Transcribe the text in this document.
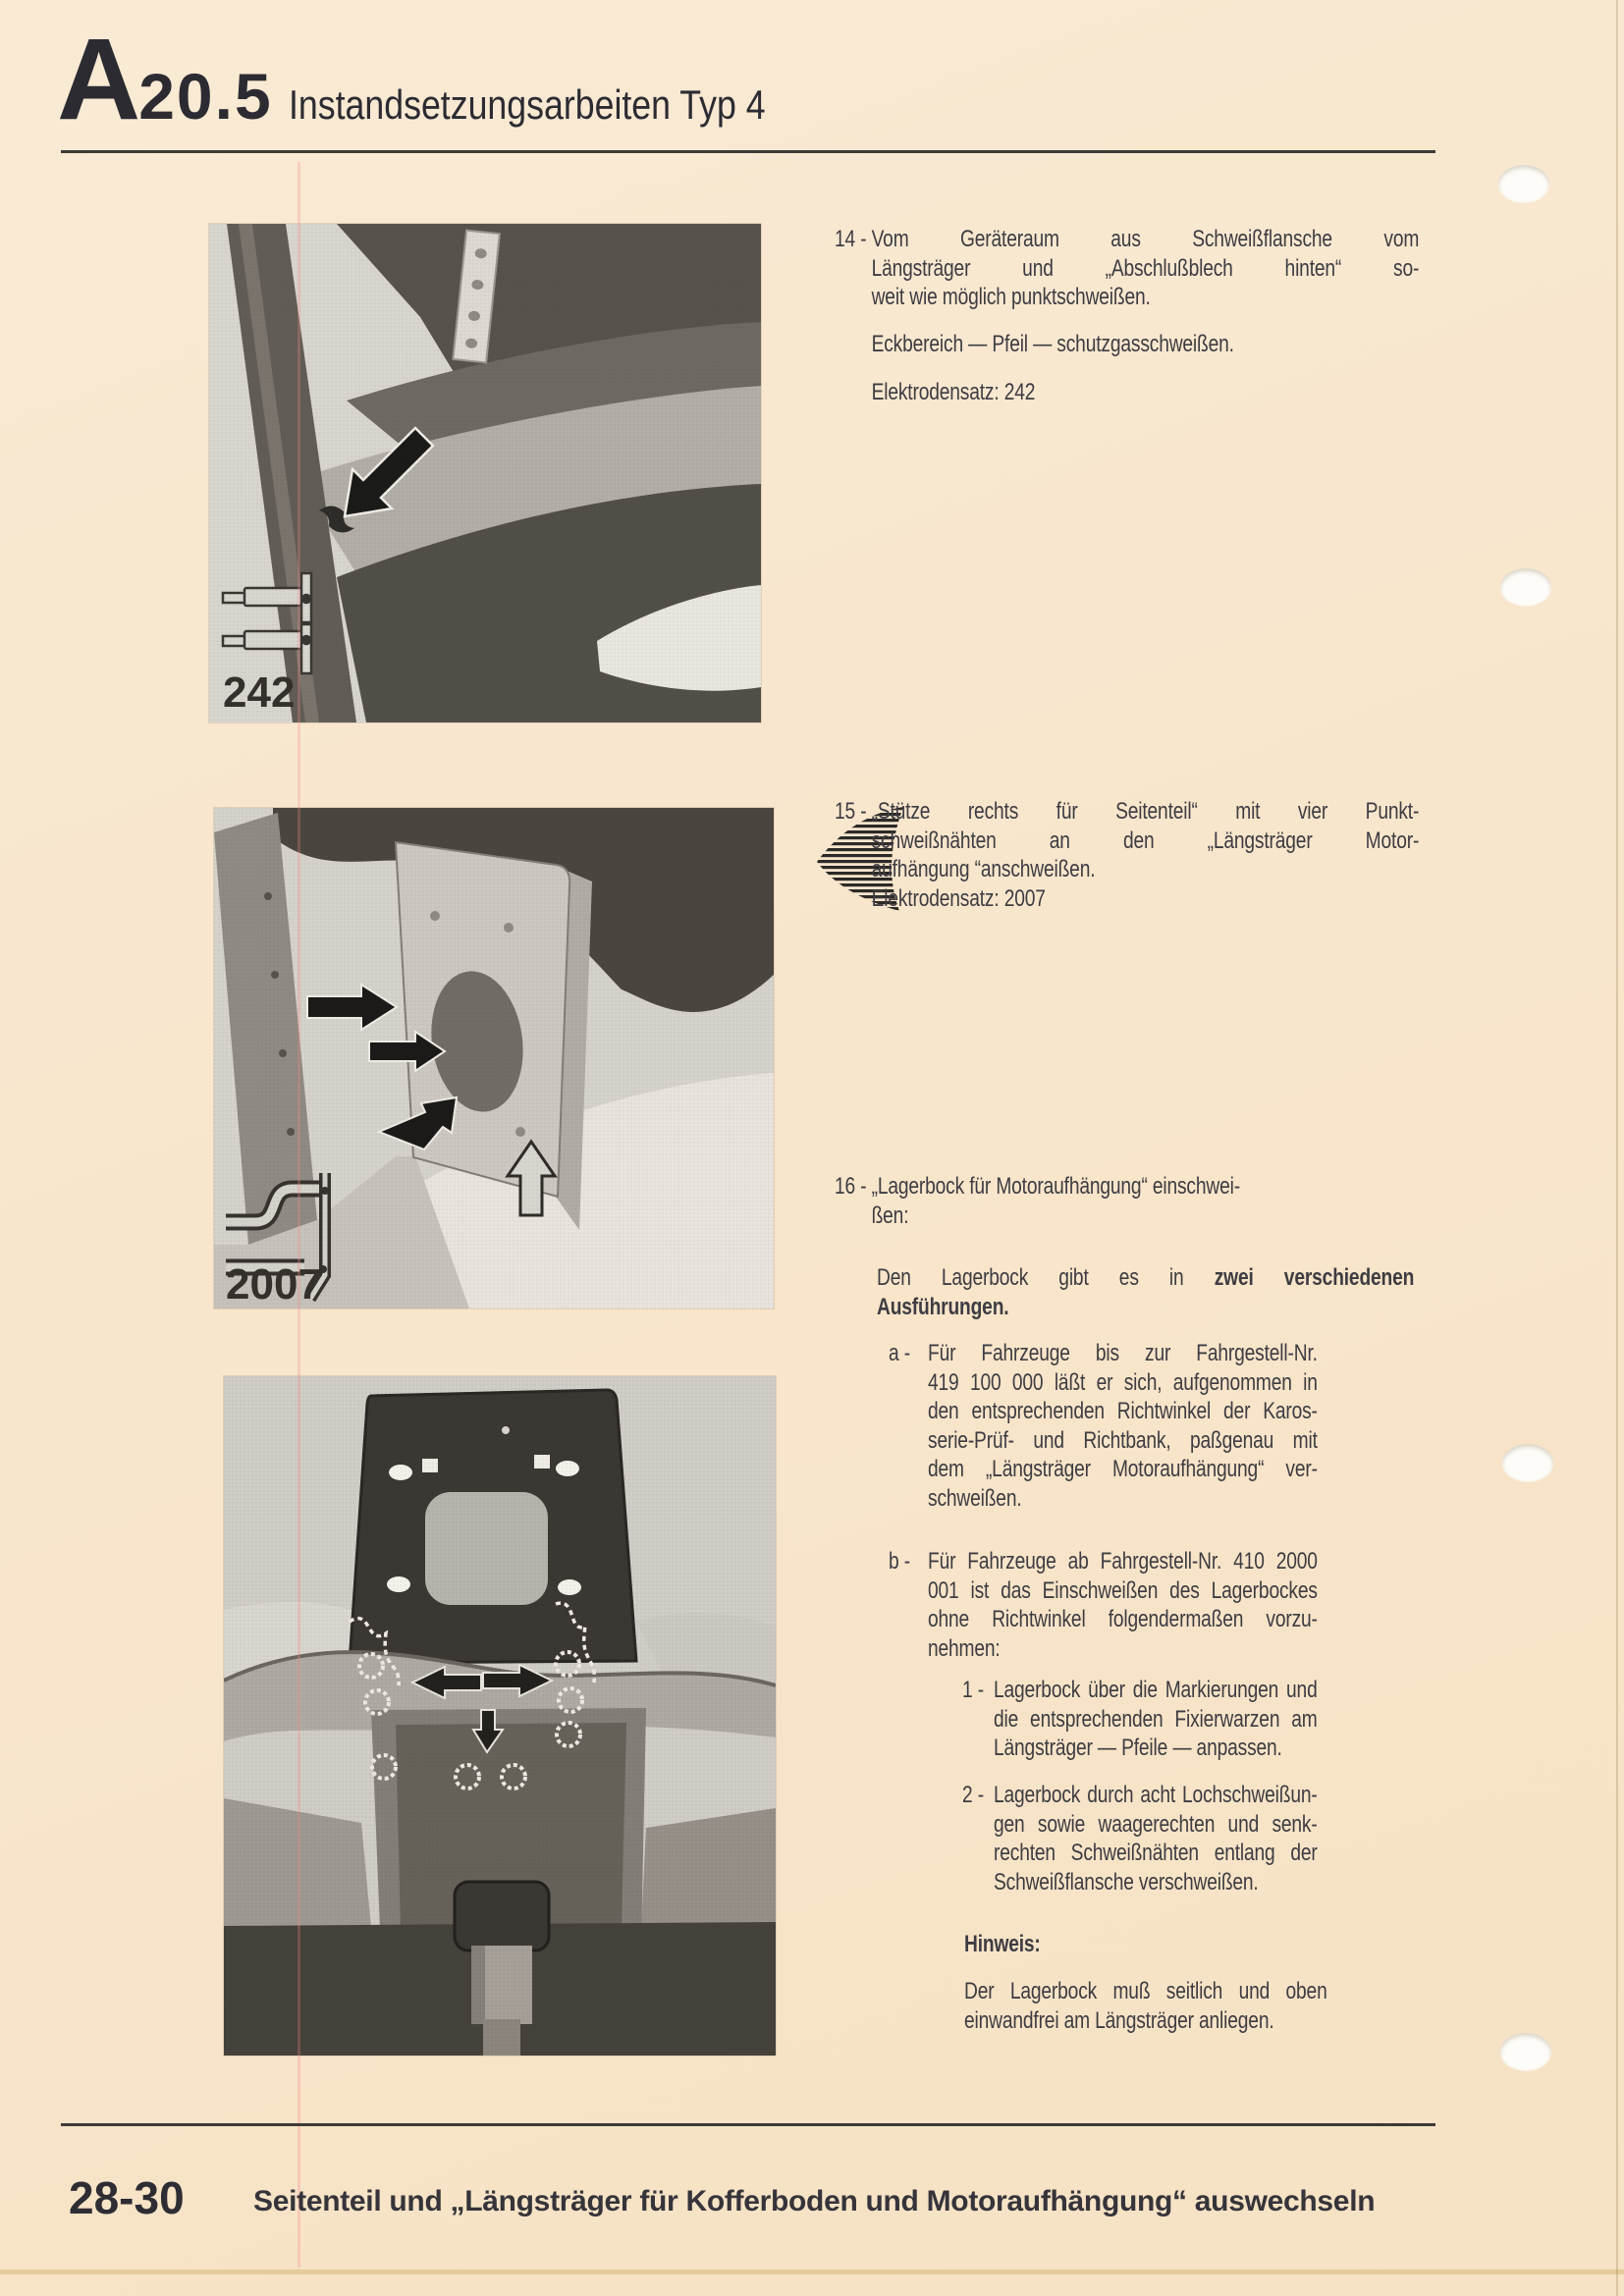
A 20.5 Instandsetzungsarbeiten Typ 4
14 - Vom Geräteraum aus Schweißflansche vom
Längsträger und „Abschlußblech hinten“ so-
weit wie möglich punktschweißen.
Eckbereich — Pfeil — schutzgasschweißen.
Elektrodensatz: 242
15 - „Stütze rechts für Seitenteil“ mit vier Punkt-
schweißnähten an den „Längsträger Motor-
aufhängung “anschweißen.
Elektrodensatz: 2007
16 - „Lagerbock für Motoraufhängung“ einschwei-
ßen:
Den Lagerbock gibt es in zwei verschiedenen
Ausführungen.
a - Für Fahrzeuge bis zur Fahrgestell-Nr.
419 100 000 läßt er sich, aufgenommen in
den entsprechenden Richtwinkel der Karos-
serie-Prüf- und Richtbank, paßgenau mit
dem „Längsträger Motoraufhängung“ ver-
schweißen.
b - Für Fahrzeuge ab Fahrgestell-Nr. 410 2000
001 ist das Einschweißen des Lagerbockes
ohne Richtwinkel folgendermaßen vorzu-
nehmen:
1 - Lagerbock über die Markierungen und
die entsprechenden Fixierwarzen am
Längsträger — Pfeile — anpassen.
2 - Lagerbock durch acht Lochschweißun-
gen sowie waagerechten und senk-
rechten Schweißnähten entlang der
Schweißflansche verschweißen.
Hinweis:
Der Lagerbock muß seitlich und oben
einwandfrei am Längsträger anliegen.
28-30 Seitenteil und „Längsträger für Kofferboden und Motoraufhängung“ auswechseln
